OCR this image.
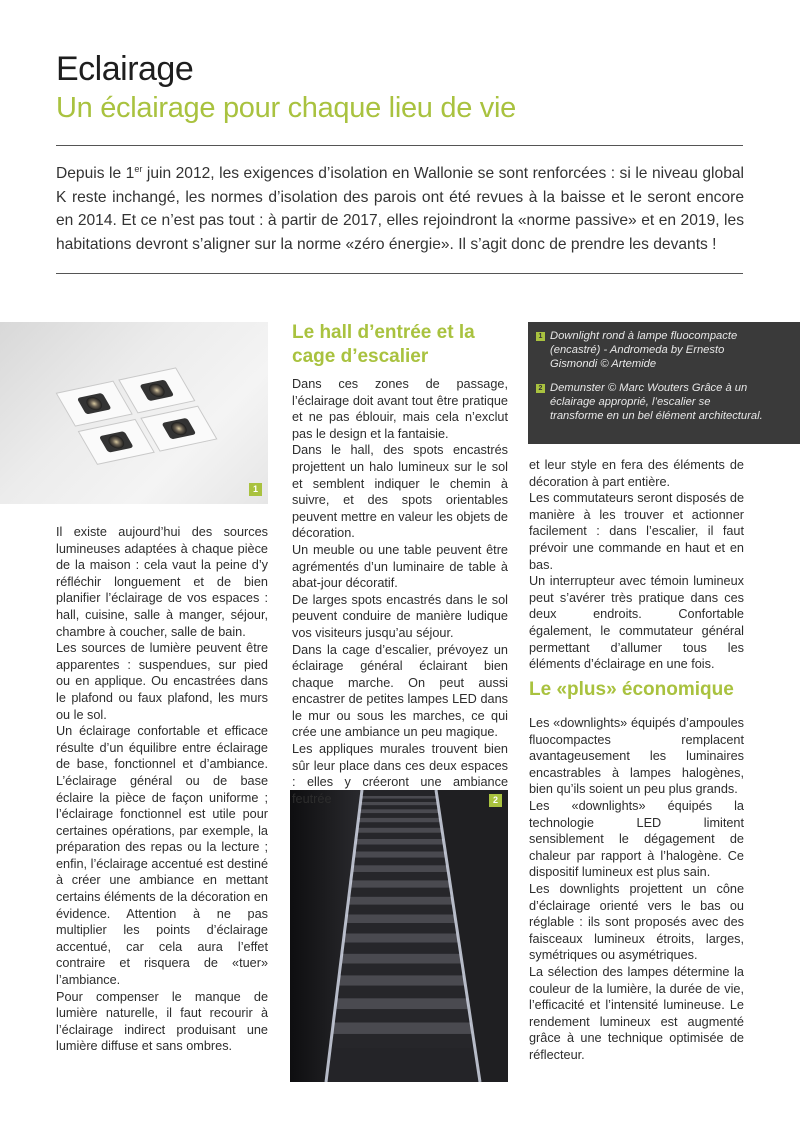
Eclairage
Un éclairage pour chaque lieu de vie

Depuis le 1er juin 2012, les exigences d’isolation en Wallonie se sont renforcées : si le niveau global K reste inchangé, les normes d’isolation des parois ont été revues à la baisse et le seront encore en 2014. Et ce n’est pas tout : à partir de 2017, elles rejoindront la «norme passive» et en 2019, les habitations devront s’aligner sur la norme «zéro énergie». Il s’agit donc de prendre les devants !

1
2
1 Downlight rond à lampe fluocompacte (encastré) - Andromeda by Ernesto Gismondi © Artemide

2 Demunster © Marc Wouters Grâce à un éclairage approprié, l’escalier se transforme en un bel élément architectural.

Il existe aujourd’hui des sources lumineuses adaptées à chaque pièce de la maison : cela vaut la peine d’y réfléchir longuement et de bien planifier l’éclairage de vos espaces : hall, cuisine, salle à manger, séjour, chambre à coucher, salle de bain.

Les sources de lumière peuvent être apparentes : suspendues, sur pied ou en applique. Ou encastrées dans le plafond ou faux plafond, les murs ou le sol.

Un éclairage confortable et efficace résulte d’un équilibre entre éclairage de base, fonctionnel et d’ambiance. L’éclairage général ou de base éclaire la pièce de façon uniforme ; l’éclairage fonctionnel est utile pour certaines opérations, par exemple, la préparation des repas ou la lecture ; enfin, l’éclairage accentué est destiné à créer une ambiance en mettant certains éléments de la décoration en évidence. Attention à ne pas multiplier les points d’éclairage accentué, car cela aura l’effet contraire et risquera de «tuer» l’ambiance.

Pour compenser le manque de lumière naturelle, il faut recourir à l’éclairage indirect produisant une lumière diffuse et sans ombres.

Le hall d’entrée et la cage d’escalier

Dans ces zones de passage, l’éclairage doit avant tout être pratique et ne pas éblouir, mais cela n’exclut pas le design et la fantaisie.

Dans le hall, des spots encastrés projettent un halo lumineux sur le sol et semblent indiquer le chemin à suivre, et des spots orientables peuvent mettre en valeur les objets de décoration.

Un meuble ou une table peuvent être agrémentés d’un luminaire de table à abat-jour décoratif.

De larges spots encastrés dans le sol peuvent conduire de manière ludique vos visiteurs jusqu’au séjour.

Dans la cage d’escalier, prévoyez un éclairage général éclairant bien chaque marche. On peut aussi encastrer de petites lampes LED dans le mur ou sous les marches, ce qui crée une ambiance un peu magique.

Les appliques murales trouvent bien sûr leur place dans ces deux espaces : elles y créeront une ambiance feutrée

et leur style en fera des éléments de décoration à part entière.

Les commutateurs seront disposés de manière à les trouver et actionner facilement : dans l’escalier, il faut prévoir une commande en haut et en bas.

Un interrupteur avec témoin lumineux peut s’avérer très pratique dans ces deux endroits. Confortable également, le commutateur général permettant d’allumer tous les éléments d’éclairage en une fois.

Le «plus» économique

Les «downlights» équipés d’ampoules fluocompactes remplacent avantageusement les luminaires encastrables à lampes halogènes, bien qu’ils soient un peu plus grands.

Les «downlights» équipés la technologie LED limitent sensiblement le dégagement de chaleur par rapport à l’halogène. Ce dispositif lumineux est plus sain.

Les downlights projettent un cône d’éclairage orienté vers le bas ou réglable : ils sont proposés avec des faisceaux lumineux étroits, larges, symétriques ou asymétriques.

La sélection des lampes détermine la couleur de la lumière, la durée de vie, l’efficacité et l’intensité lumineuse. Le rendement lumineux est augmenté grâce à une technique optimisée de réflecteur.
